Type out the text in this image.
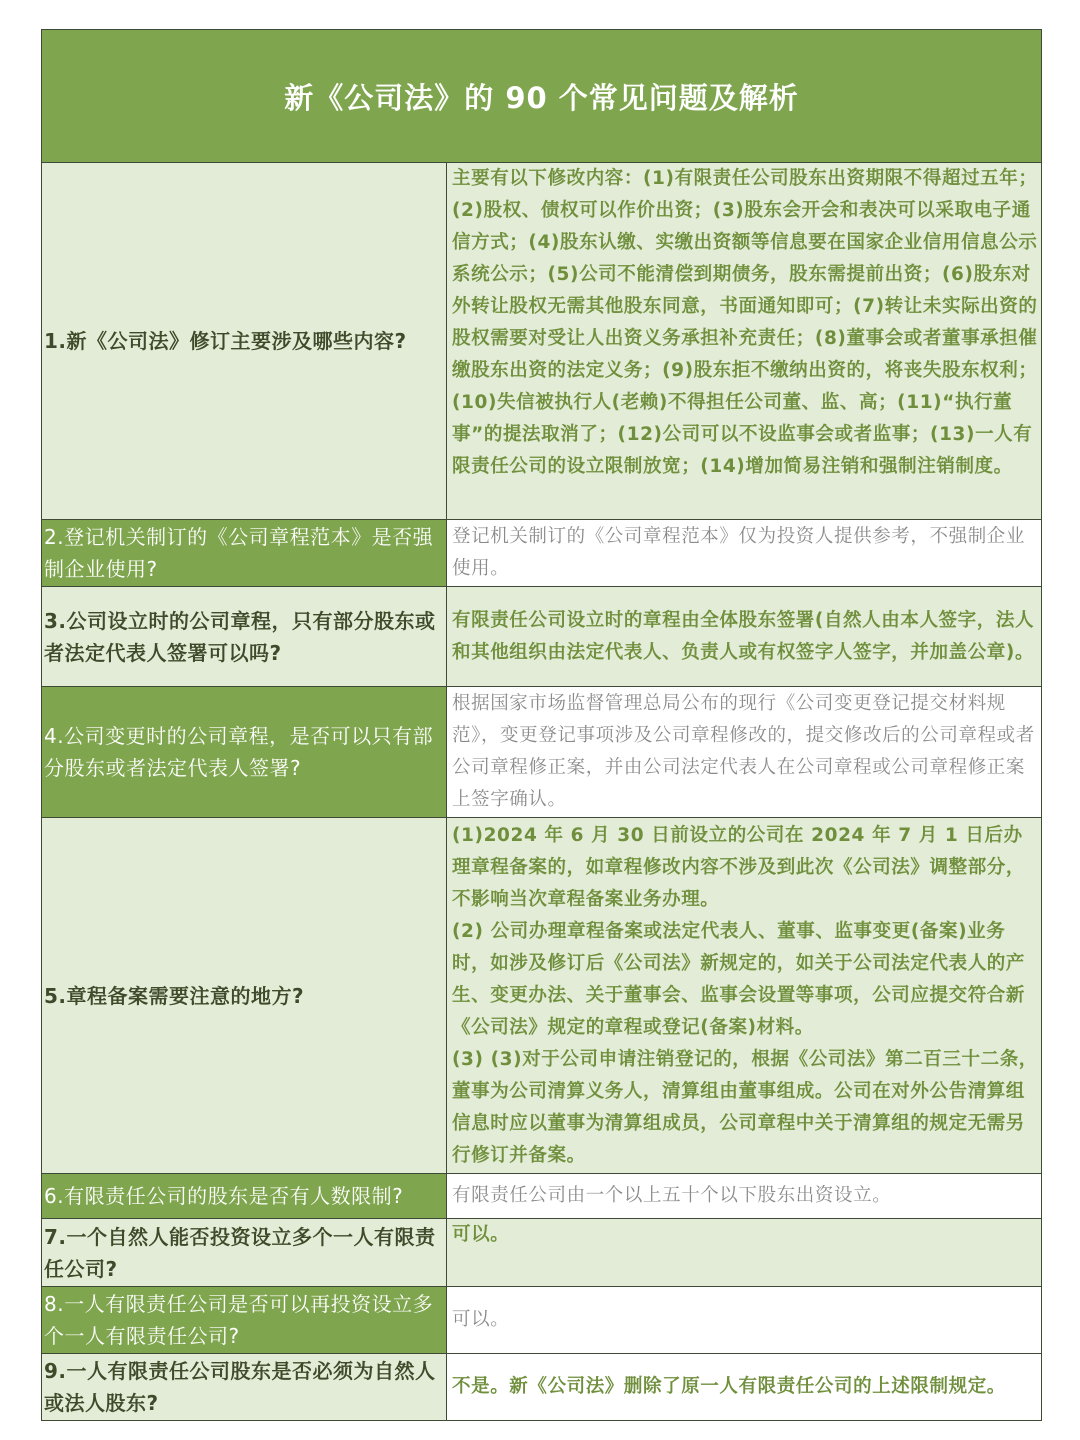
新《公司法》的 90 个常见问题及解析
1.新《公司法》修订主要涉及哪些内容?
主要有以下修改内容：(1)有限责任公司股东出资期限不得超过五年；(2)股权、债权可以作价出资；(3)股东会开会和表决可以采取电子通信方式；(4)股东认缴、实缴出资额等信息要在国家企业信用信息公示系统公示；(5)公司不能清偿到期债务，股东需提前出资；(6)股东对外转让股权无需其他股东同意，书面通知即可；(7)转让未实际出资的股权需要对受让人出资义务承担补充责任；(8)董事会或者董事承担催缴股东出资的法定义务；(9)股东拒不缴纳出资的，将丧失股东权利；(10)失信被执行人(老赖)不得担任公司董、监、高；(11)“执行董事”的提法取消了；(12)公司可以不设监事会或者监事；(13)一人有限责任公司的设立限制放宽；(14)增加简易注销和强制注销制度。
2.登记机关制订的《公司章程范本》是否强制企业使用?
登记机关制订的《公司章程范本》仅为投资人提供参考，不强制企业使用。
3.公司设立时的公司章程，只有部分股东或者法定代表人签署可以吗?
有限责任公司设立时的章程由全体股东签署(自然人由本人签字，法人和其他组织由法定代表人、负责人或有权签字人签字，并加盖公章)。
4.公司变更时的公司章程，是否可以只有部分股东或者法定代表人签署?
根据国家市场监督管理总局公布的现行《公司变更登记提交材料规范》，变更登记事项涉及公司章程修改的，提交修改后的公司章程或者公司章程修正案，并由公司法定代表人在公司章程或公司章程修正案上签字确认。
5.章程备案需要注意的地方?
(1)2024 年 6 月 30 日前设立的公司在 2024 年 7 月 1 日后办理章程备案的，如章程修改内容不涉及到此次《公司法》调整部分，不影响当次章程备案业务办理。
(2) 公司办理章程备案或法定代表人、董事、监事变更(备案)业务时，如涉及修订后《公司法》新规定的，如关于公司法定代表人的产生、变更办法、关于董事会、监事会设置等事项，公司应提交符合新《公司法》规定的章程或登记(备案)材料。
(3) (3)对于公司申请注销登记的，根据《公司法》第二百三十二条，董事为公司清算义务人，清算组由董事组成。公司在对外公告清算组信息时应以董事为清算组成员，公司章程中关于清算组的规定无需另行修订并备案。
6.有限责任公司的股东是否有人数限制?	有限责任公司由一个以上五十个以下股东出资设立。
7.一个自然人能否投资设立多个一人有限责任公司?
可以。
8.一人有限责任公司是否可以再投资设立多个一人有限责任公司?
可以。
9.一人有限责任公司股东是否必须为自然人或法人股东?
不是。新《公司法》删除了原一人有限责任公司的上述限制规定。
